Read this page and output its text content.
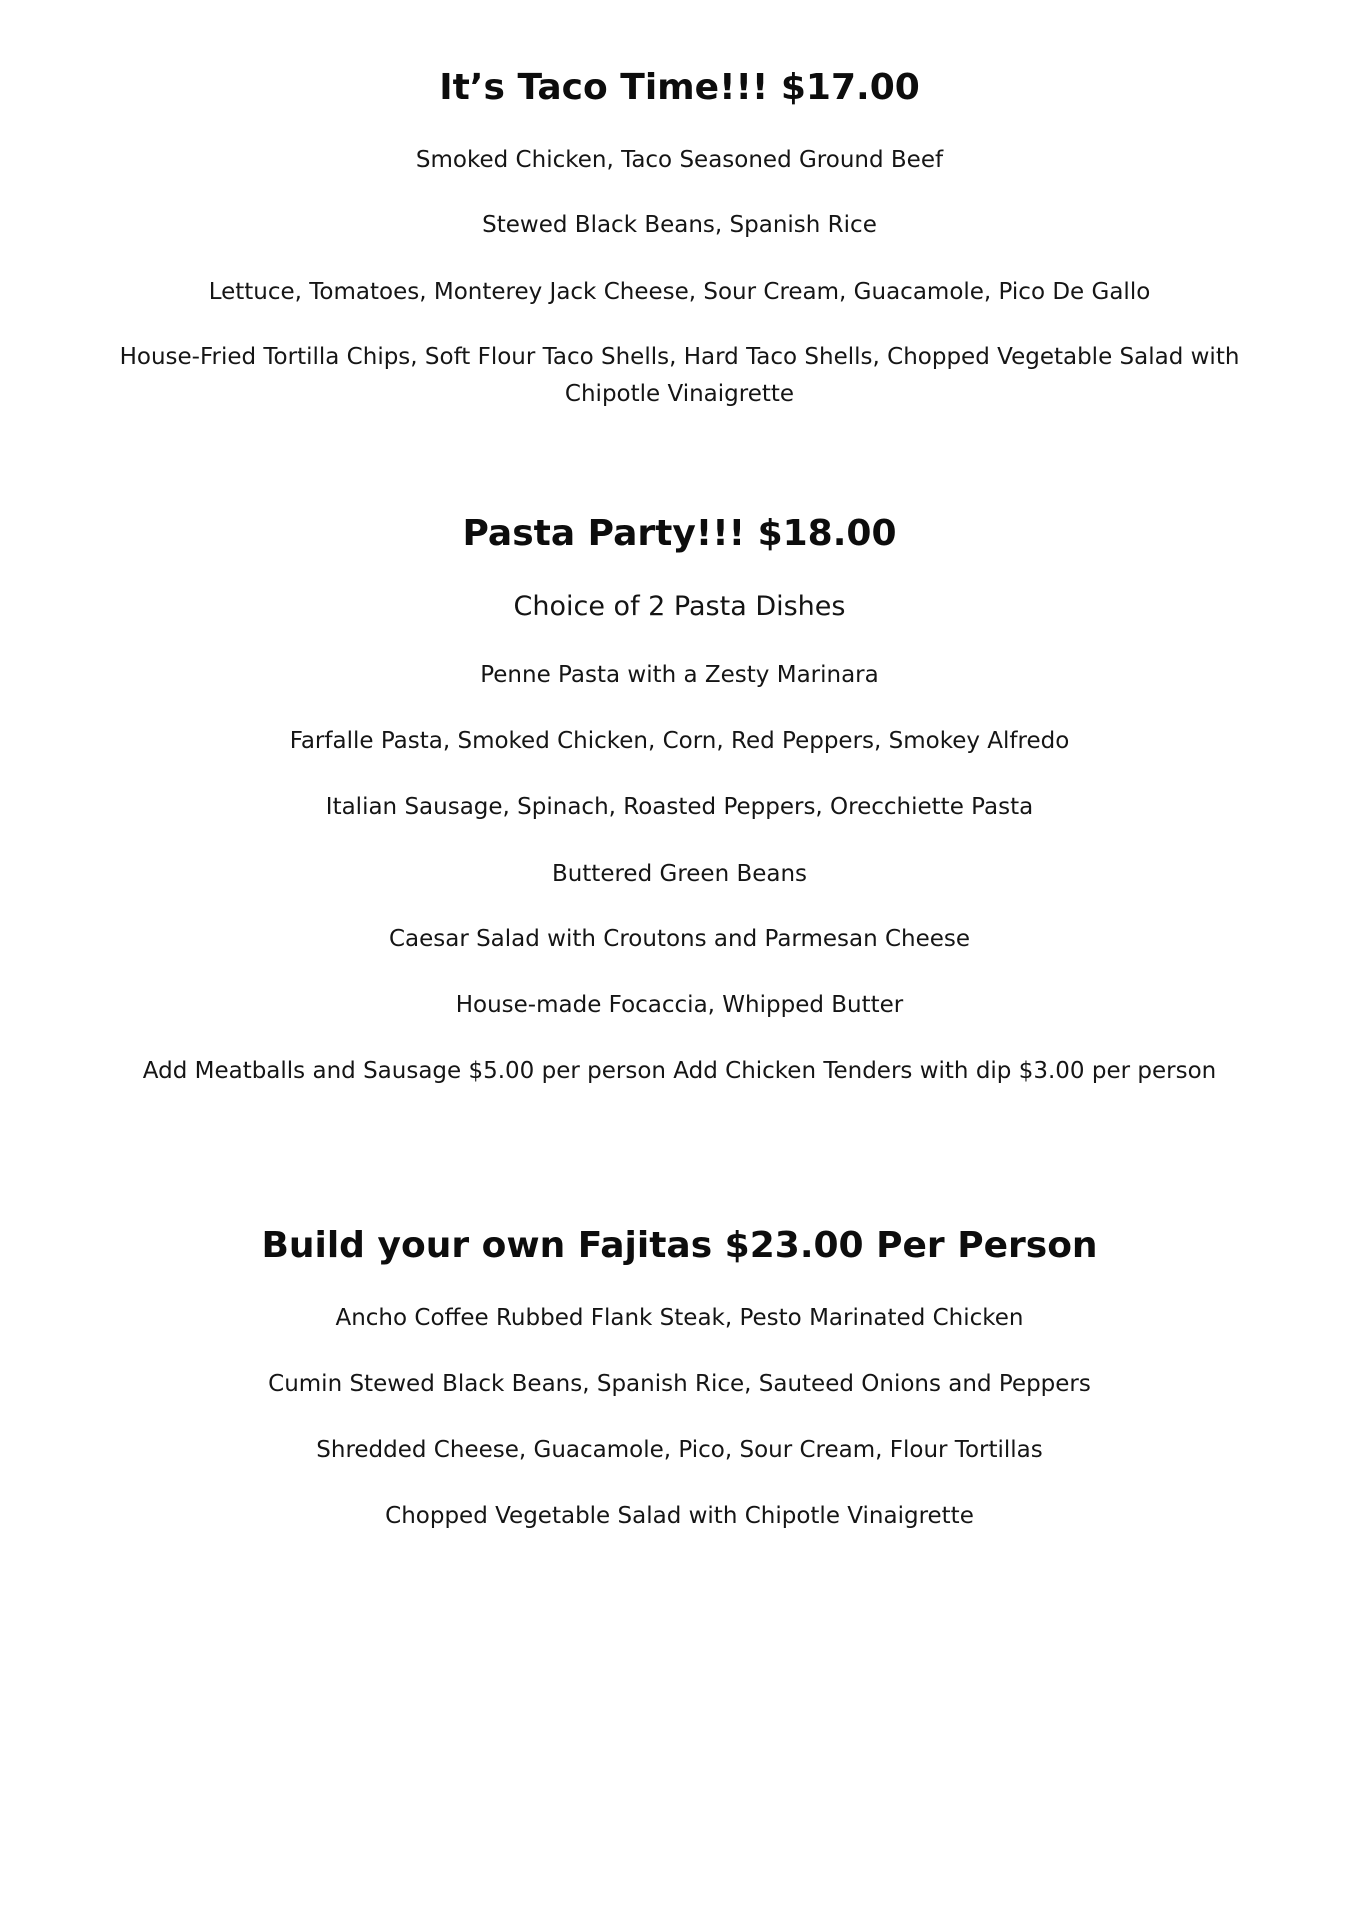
It’s Taco Time!!! $17.00

Smoked Chicken, Taco Seasoned Ground Beef

Stewed Black Beans, Spanish Rice

Lettuce, Tomatoes, Monterey Jack Cheese, Sour Cream, Guacamole, Pico De Gallo

House-Fried Tortilla Chips, Soft Flour Taco Shells, Hard Taco Shells, Chopped Vegetable Salad with Chipotle Vinaigrette

Pasta Party!!! $18.00

Choice of 2 Pasta Dishes

Penne Pasta with a Zesty Marinara

Farfalle Pasta, Smoked Chicken, Corn, Red Peppers, Smokey Alfredo

Italian Sausage, Spinach, Roasted Peppers, Orecchiette Pasta

Buttered Green Beans

Caesar Salad with Croutons and Parmesan Cheese

House-made Focaccia, Whipped Butter

Add Meatballs and Sausage $5.00 per person Add Chicken Tenders with dip $3.00 per person

Build your own Fajitas $23.00 Per Person

Ancho Coffee Rubbed Flank Steak, Pesto Marinated Chicken

Cumin Stewed Black Beans, Spanish Rice, Sauteed Onions and Peppers

Shredded Cheese, Guacamole, Pico, Sour Cream, Flour Tortillas

Chopped Vegetable Salad with Chipotle Vinaigrette
